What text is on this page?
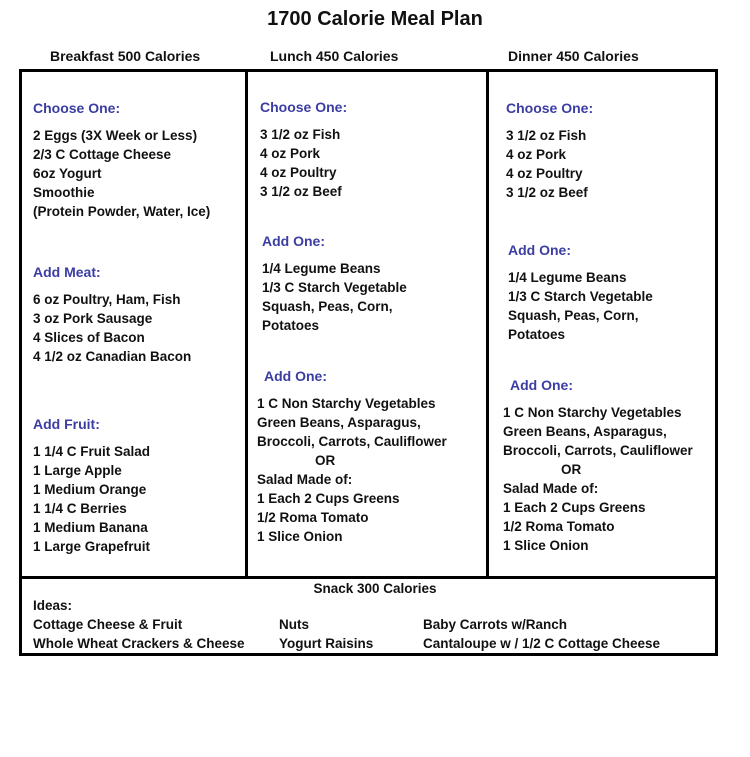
1700 Calorie Meal Plan
Breakfast 500 Calories	Lunch 450 Calories	Dinner 450 Calories
Choose One:
2 Eggs (3X Week or Less)
2/3 C Cottage Cheese
6oz Yogurt
Smoothie
(Protein Powder, Water, Ice)
Add Meat:
6 oz Poultry, Ham, Fish
3 oz Pork Sausage
4 Slices of Bacon
4 1/2 oz Canadian Bacon
Add Fruit:
1 1/4 C Fruit Salad
1 Large Apple
1 Medium Orange
1 1/4 C Berries
1 Medium Banana
1 Large Grapefruit
Choose One:
3 1/2 oz Fish
4 oz Pork
4 oz Poultry
3 1/2 oz Beef
Add One:
1/4 Legume Beans
1/3 C Starch Vegetable
Squash, Peas, Corn,
Potatoes
Add One:
1 C Non Starchy Vegetables
Green Beans, Asparagus,
Broccoli, Carrots, Cauliflower
OR
Salad Made of:
1 Each 2 Cups Greens
1/2 Roma Tomato
1 Slice Onion
Choose One:
3 1/2 oz Fish
4 oz Pork
4 oz Poultry
3 1/2 oz Beef
Add One:
1/4 Legume Beans
1/3 C Starch Vegetable
Squash, Peas, Corn,
Potatoes
Add One:
1 C Non Starchy Vegetables
Green Beans, Asparagus,
Broccoli, Carrots, Cauliflower
OR
Salad Made of:
1 Each 2 Cups Greens
1/2 Roma Tomato
1 Slice Onion
Snack 300 Calories
Ideas:
Cottage Cheese & Fruit
Whole Wheat Crackers & Cheese
Nuts
Yogurt Raisins
Baby Carrots w/Ranch
Cantaloupe w / 1/2 C Cottage Cheese
